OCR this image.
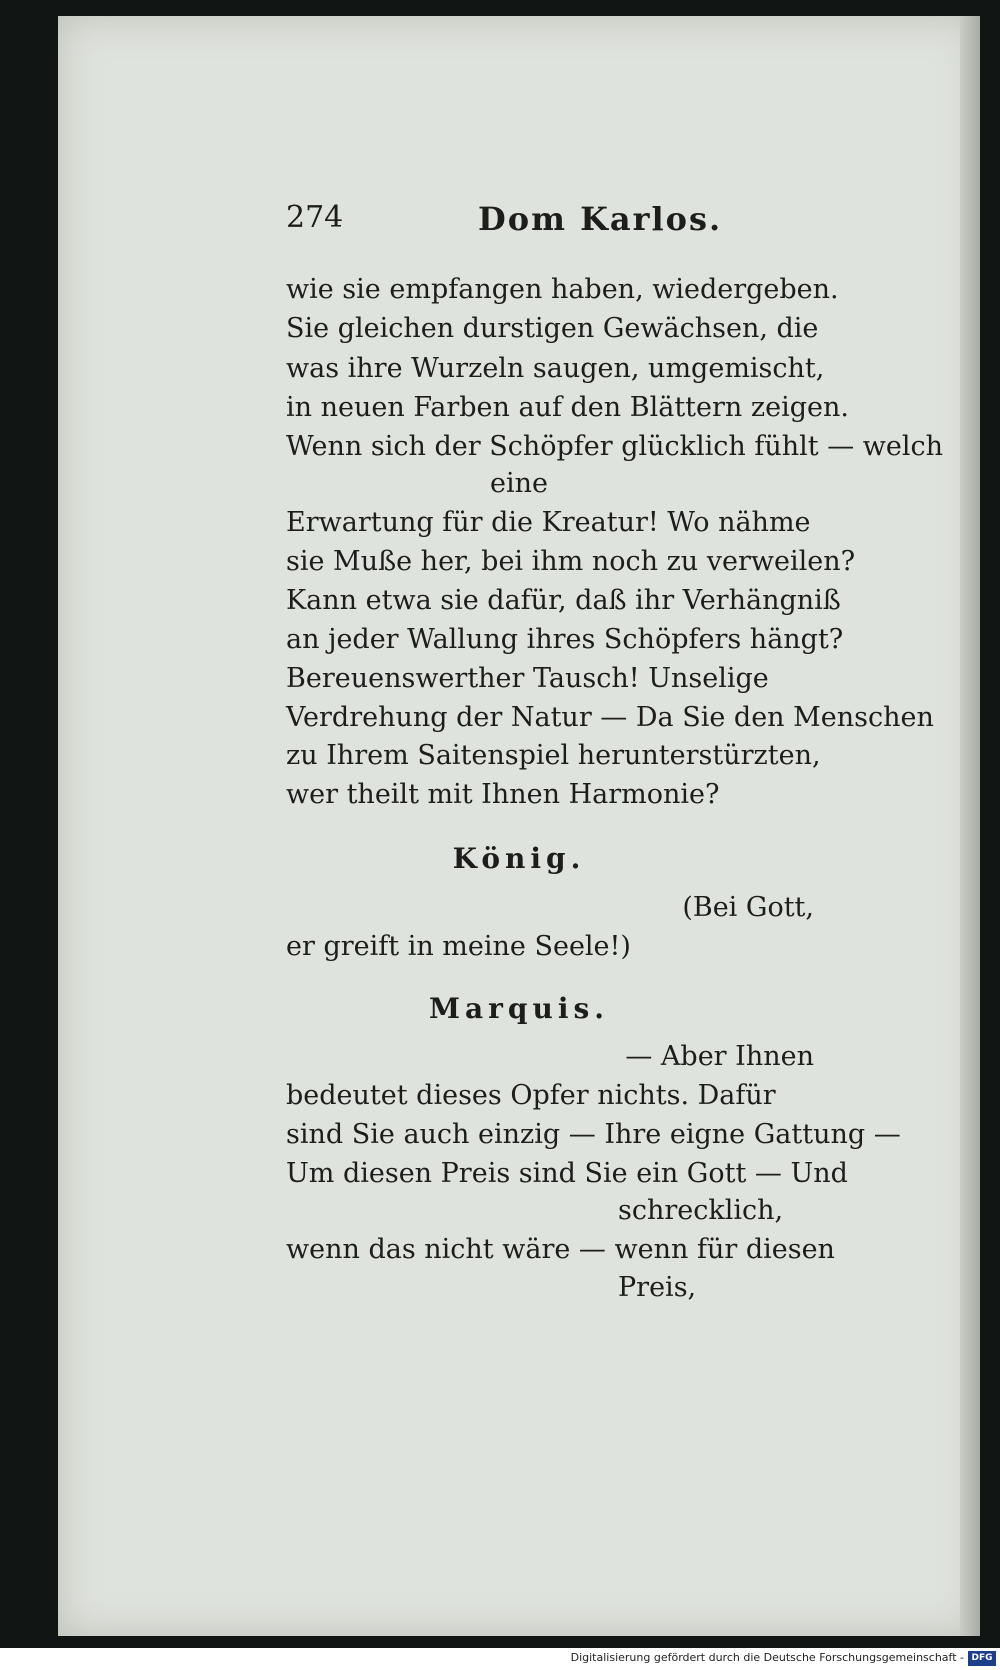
274	Dom Karlos.
wie sie empfangen haben, wiedergeben.
Sie gleichen durstigen Gewächsen, die
was ihre Wurzeln saugen, umgemischt,
in neuen Farben auf den Blättern zeigen.
Wenn sich der Schöpfer glücklich fühlt — welch
eine
Erwartung für die Kreatur! Wo nähme
sie Muße her, bei ihm noch zu verweilen?
Kann etwa sie dafür, daß ihr Verhängniß
an jeder Wallung ihres Schöpfers hängt?
Bereuenswerther Tausch! Unselige
Verdrehung der Natur — Da Sie den Menschen
zu Ihrem Saitenspiel herunterstürzten,
wer theilt mit Ihnen Harmonie?
König.
(Bei Gott,
er greift in meine Seele!)
Marquis.
— Aber Ihnen
bedeutet dieses Opfer nichts. Dafür
sind Sie auch einzig — Ihre eigne Gattung —
Um diesen Preis sind Sie ein Gott — Und
schrecklich,
wenn das nicht wäre — wenn für diesen
Preis,
Digitalisierung gefördert durch die Deutsche Forschungsgemeinschaft - DFG
